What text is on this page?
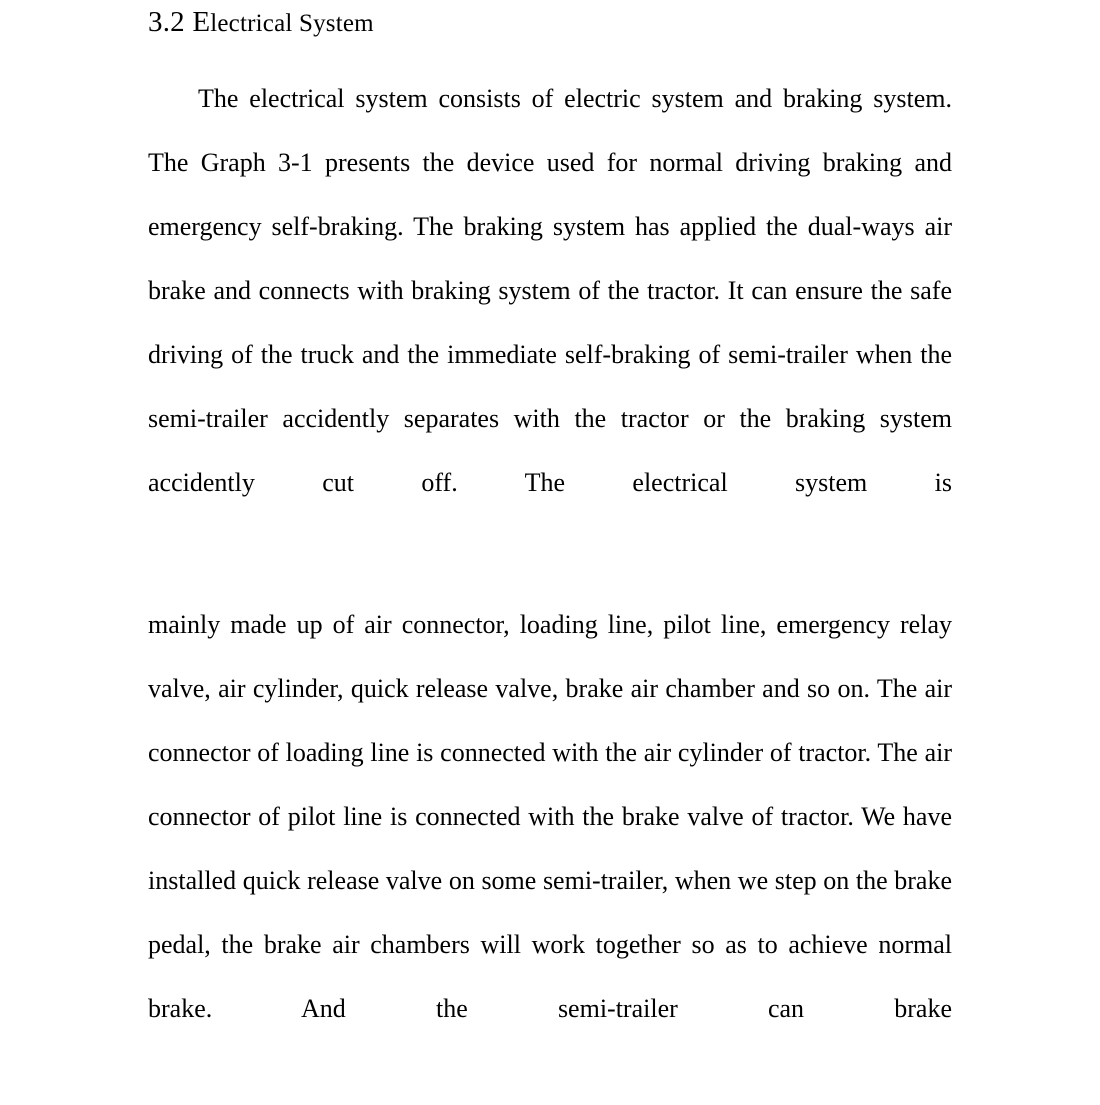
3.2 Electrical System

The electrical system consists of electric system and braking system. The Graph 3-1 presents the device used for normal driving braking and emergency self-braking. The braking system has applied the dual-ways air brake and connects with braking system of the tractor. It can ensure the safe driving of the truck and the immediate self-braking of semi-trailer when the semi-trailer accidently separates with the tractor or the braking system accidently cut off. The electrical system is

mainly made up of air connector, loading line, pilot line, emergency relay valve, air cylinder, quick release valve, brake air chamber and so on. The air connector of loading line is connected with the air cylinder of tractor. The air connector of pilot line is connected with the brake valve of tractor. We have installed quick release valve on some semi-trailer, when we step on the brake pedal, the brake air chambers will work together so as to achieve normal brake. And the semi-trailer can brake
